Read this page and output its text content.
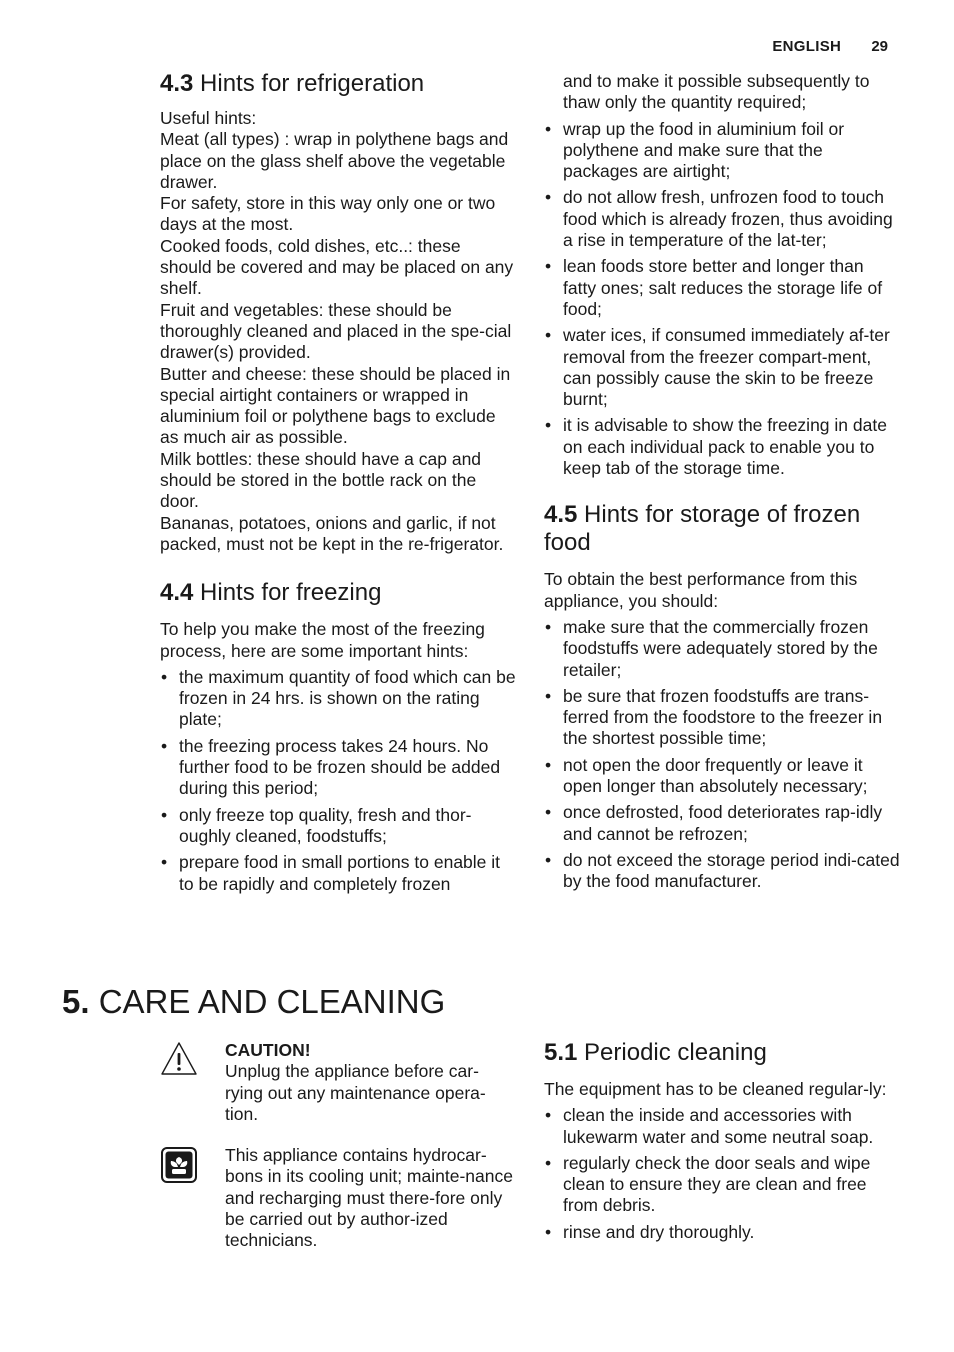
ENGLISH 29
4.3 Hints for refrigeration

Useful hints:

Meat (all types) : wrap in polythene bags and place on the glass shelf above the vegetable drawer.

For safety, store in this way only one or two days at the most.

Cooked foods, cold dishes, etc..: these should be covered and may be placed on any shelf.

Fruit and vegetables: these should be thoroughly cleaned and placed in the spe-cial drawer(s) provided.

Butter and cheese: these should be placed in special airtight containers or wrapped in aluminium foil or polythene bags to exclude as much air as possible.

Milk bottles: these should have a cap and should be stored in the bottle rack on the door.

Bananas, potatoes, onions and garlic, if not packed, must not be kept in the re-frigerator.

4.4 Hints for freezing

To help you make the most of the freezing process, here are some important hints:

• the maximum quantity of food which can be frozen in 24 hrs. is shown on the rating plate;
• the freezing process takes 24 hours. No further food to be frozen should be added during this period;
• only freeze top quality, fresh and thor-oughly cleaned, foodstuffs;
• prepare food in small portions to enable it to be rapidly and completely frozen

and to make it possible subsequently to thaw only the quantity required;

• wrap up the food in aluminium foil or polythene and make sure that the packages are airtight;
• do not allow fresh, unfrozen food to touch food which is already frozen, thus avoiding a rise in temperature of the lat-ter;
• lean foods store better and longer than fatty ones; salt reduces the storage life of food;
• water ices, if consumed immediately af-ter removal from the freezer compart-ment, can possibly cause the skin to be freeze burnt;
• it is advisable to show the freezing in date on each individual pack to enable you to keep tab of the storage time.
4.5 Hints for storage of frozen food

To obtain the best performance from this appliance, you should:

• make sure that the commercially frozen foodstuffs were adequately stored by the retailer;
• be sure that frozen foodstuffs are trans-ferred from the foodstore to the freezer in the shortest possible time;
• not open the door frequently or leave it open longer than absolutely necessary;
• once defrosted, food deteriorates rap-idly and cannot be refrozen;
• do not exceed the storage period indi-cated by the food manufacturer.
5. CARE AND CLEANING
CAUTION!

Unplug the appliance before car-rying out any maintenance opera-tion.

This appliance contains hydrocar-bons in its cooling unit; mainte-nance and recharging must there-fore only be carried out by author-ized technicians.

5.1 Periodic cleaning

The equipment has to be cleaned regular-ly:

• clean the inside and accessories with lukewarm water and some neutral soap.
• regularly check the door seals and wipe clean to ensure they are clean and free from debris.
• rinse and dry thoroughly.
